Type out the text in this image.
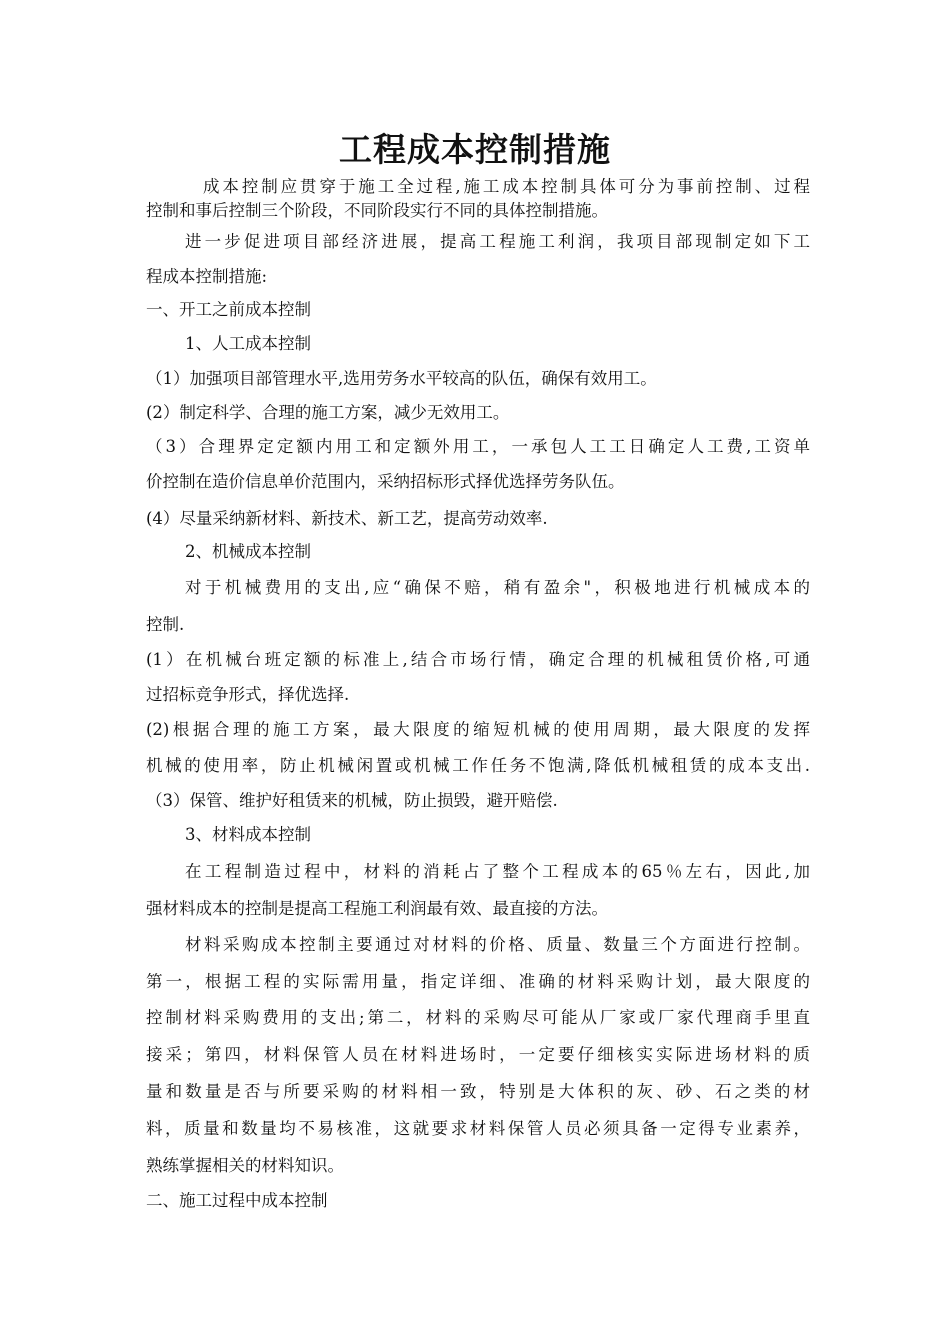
工程成本控制措施
成本控制应贯穿于施工全过程,施工成本控制具体可分为事前控制、过程
控制和事后控制三个阶段，不同阶段实行不同的具体控制措施。
进一步促进项目部经济进展，提高工程施工利润，我项目部现制定如下工
程成本控制措施:
一、开工之前成本控制
1、人工成本控制
（1）加强项目部管理水平,选用劳务水平较高的队伍，确保有效用工。
(2）制定科学、合理的施工方案，减少无效用工。
（3）合理界定定额内用工和定额外用工，一承包人工工日确定人工费,工资单
价控制在造价信息单价范围内，采纳招标形式择优选择劳务队伍。
(4）尽量采纳新材料、新技术、新工艺，提高劳动效率.
2、机械成本控制
对于机械费用的支出,应“确保不赔，稍有盈余"，积极地进行机械成本的
控制.
(1）在机械台班定额的标准上,结合市场行情，确定合理的机械租赁价格,可通
过招标竞争形式，择优选择.
(2)根据合理的施工方案，最大限度的缩短机械的使用周期，最大限度的发挥
机械的使用率，防止机械闲置或机械工作任务不饱满,降低机械租赁的成本支出.
（3）保管、维护好租赁来的机械，防止损毁，避开赔偿.
3、材料成本控制
在工程制造过程中，材料的消耗占了整个工程成本的65％左右，因此,加
强材料成本的控制是提高工程施工利润最有效、最直接的方法。
材料采购成本控制主要通过对材料的价格、质量、数量三个方面进行控制。
第一，根据工程的实际需用量，指定详细、准确的材料采购计划，最大限度的
控制材料采购费用的支出;第二，材料的采购尽可能从厂家或厂家代理商手里直
接采；第四，材料保管人员在材料进场时，一定要仔细核实实际进场材料的质
量和数量是否与所要采购的材料相一致，特别是大体积的灰、砂、石之类的材
料，质量和数量均不易核准，这就要求材料保管人员必须具备一定得专业素养，
熟练掌握相关的材料知识。
二、施工过程中成本控制
